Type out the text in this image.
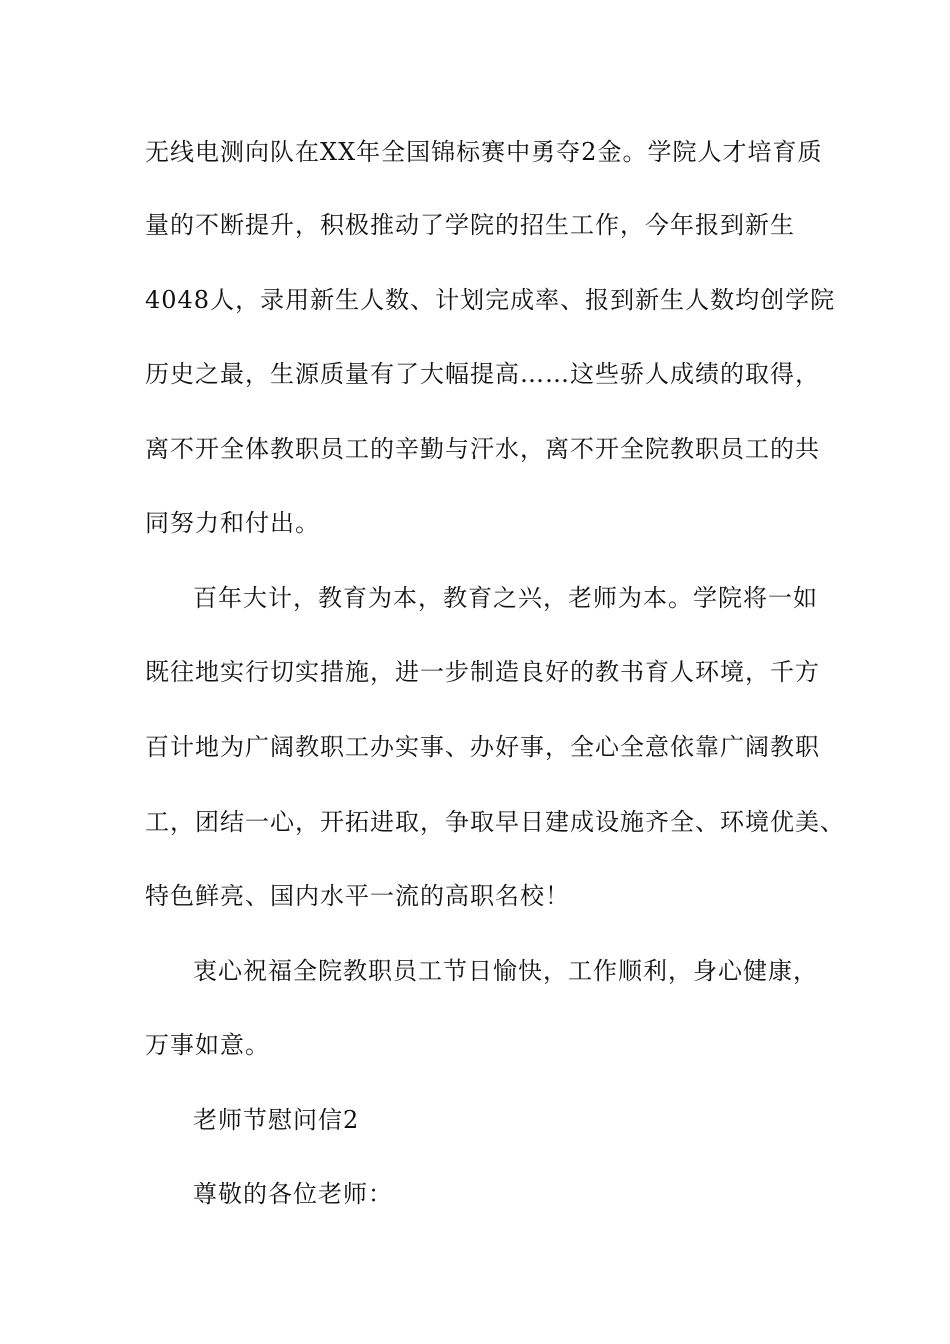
无线电测向队在XX年全国锦标赛中勇夺2金。学院人才培育质
量的不断提升，积极推动了学院的招生工作，今年报到新生
4048人，录用新生人数、计划完成率、报到新生人数均创学院
历史之最，生源质量有了大幅提高……这些骄人成绩的取得，
离不开全体教职员工的辛勤与汗水，离不开全院教职员工的共
同努力和付出。
百年大计，教育为本，教育之兴，老师为本。学院将一如
既往地实行切实措施，进一步制造良好的教书育人环境，千方
百计地为广阔教职工办实事、办好事，全心全意依靠广阔教职
工，团结一心，开拓进取，争取早日建成设施齐全、环境优美、
特色鲜亮、国内水平一流的高职名校！
衷心祝福全院教职员工节日愉快，工作顺利，身心健康，
万事如意。
老师节慰问信2
尊敬的各位老师：
